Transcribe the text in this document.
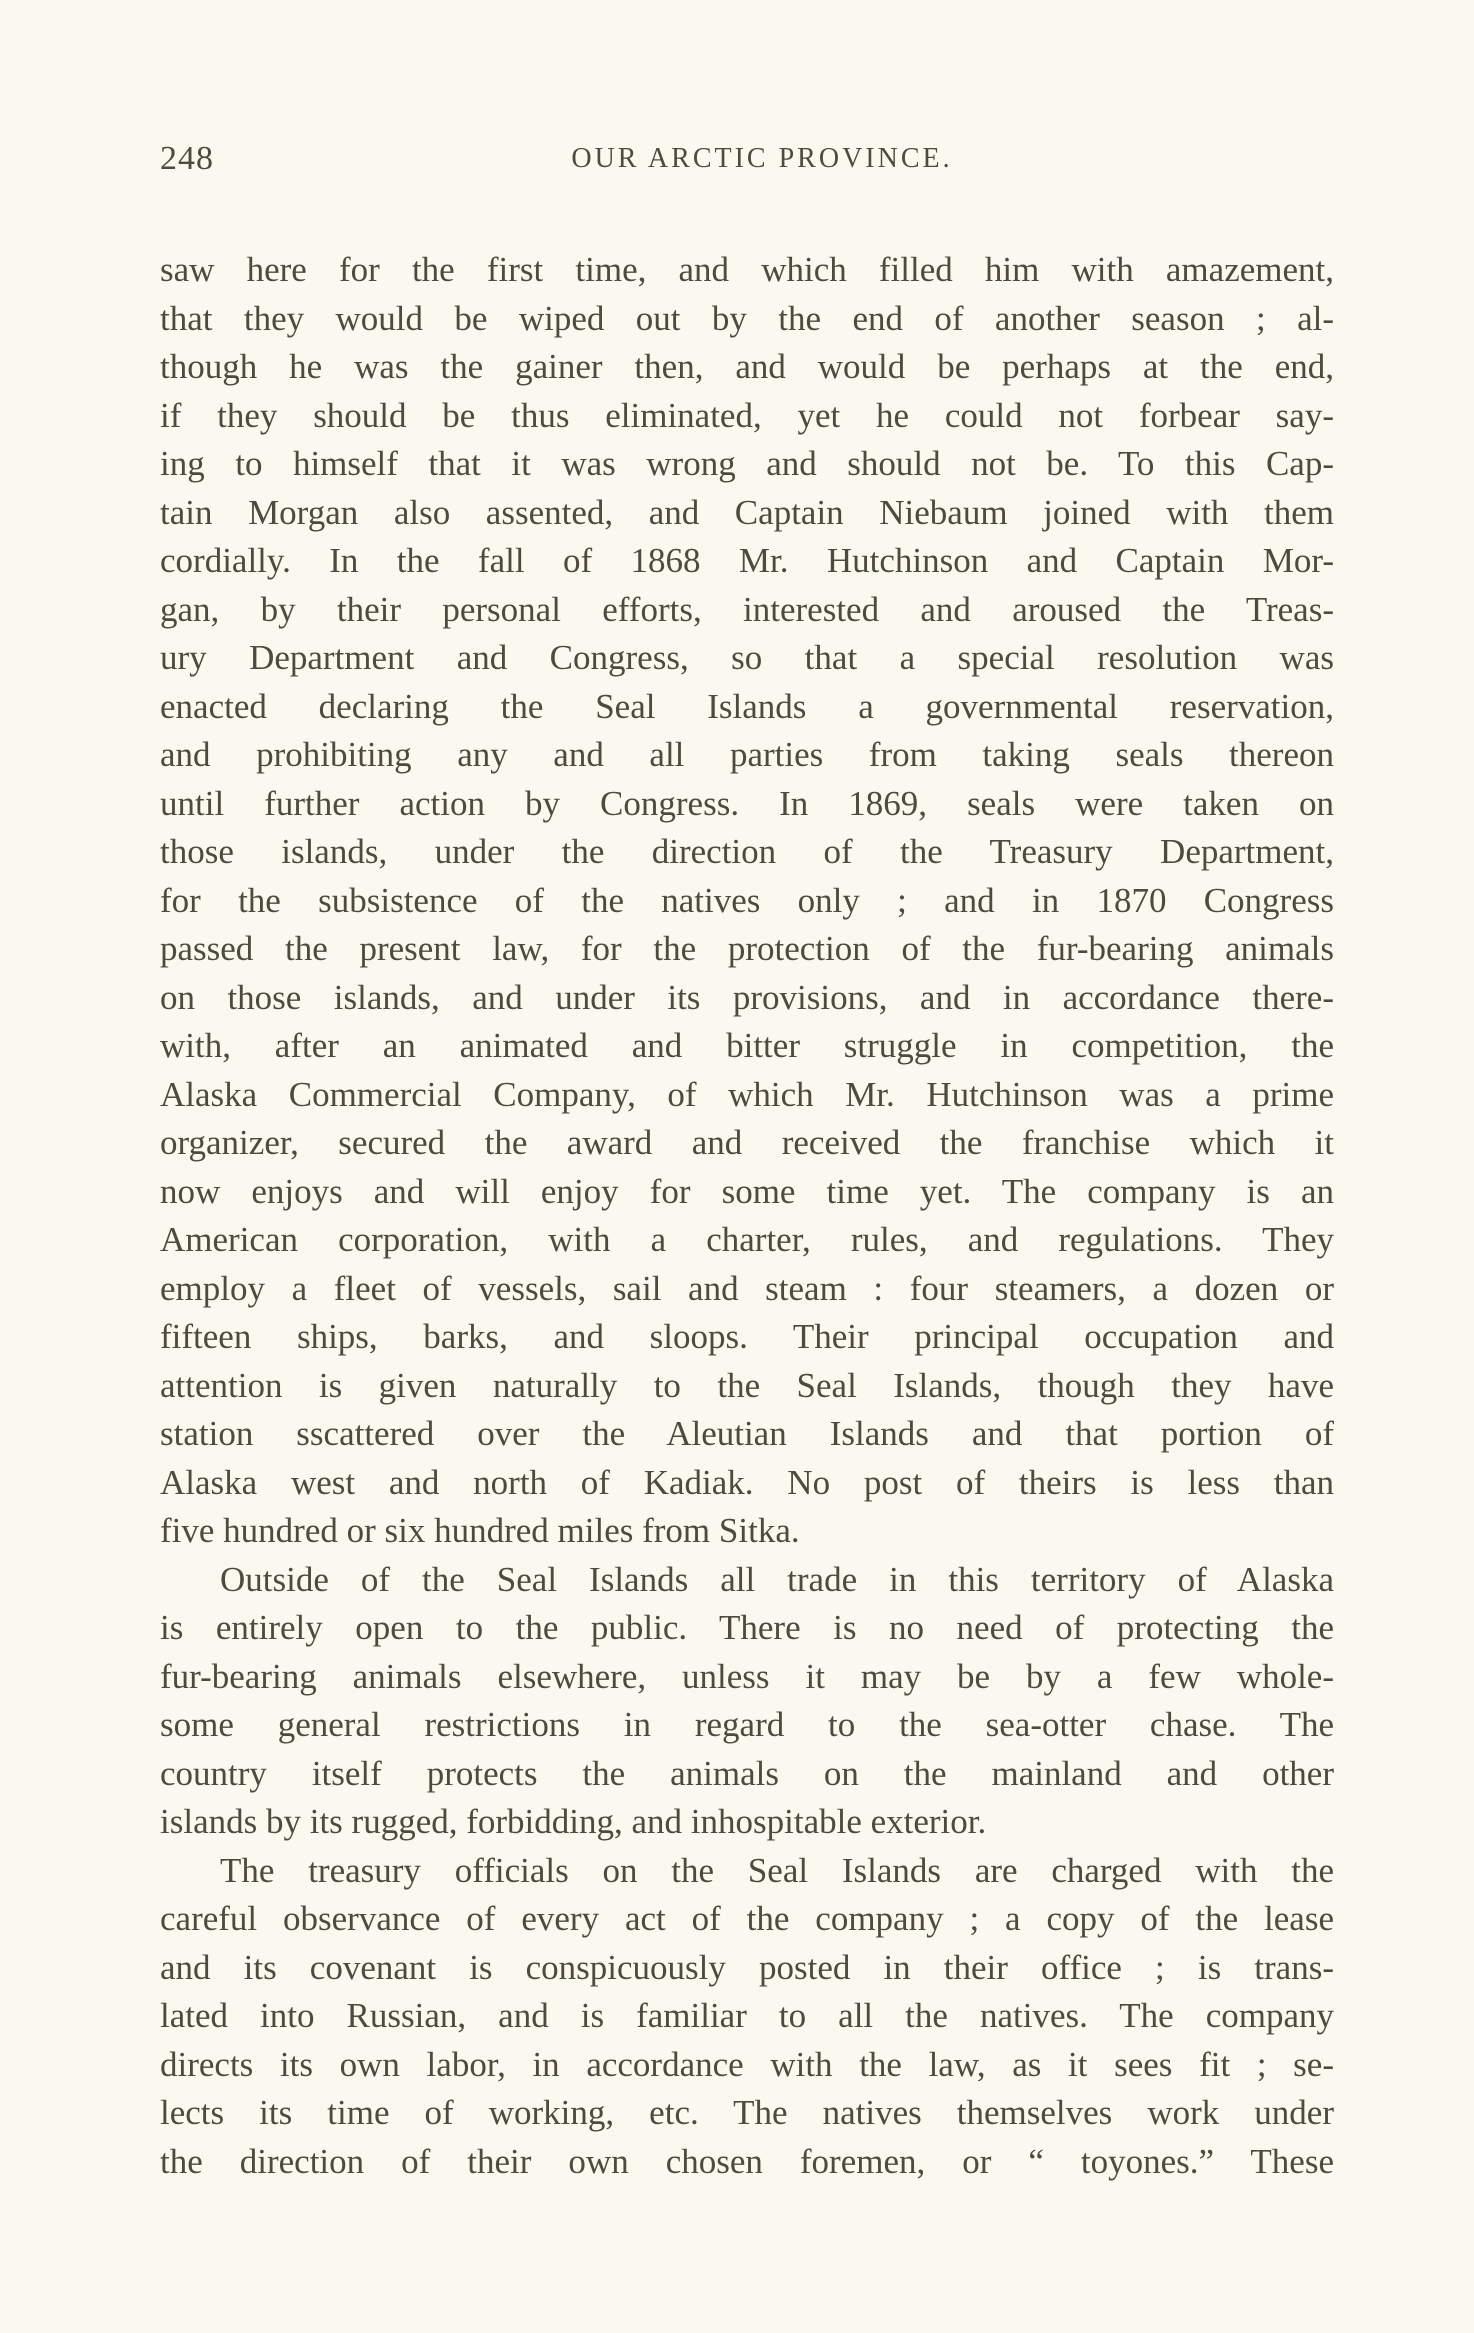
248	OUR ARCTIC PROVINCE.
saw here for the first time, and which filled him with amazement,
that they would be wiped out by the end of another season ; al-
though he was the gainer then, and would be perhaps at the end,
if they should be thus eliminated, yet he could not forbear say-
ing to himself that it was wrong and should not be. To this Cap-
tain Morgan also assented, and Captain Niebaum joined with them
cordially. In the fall of 1868 Mr. Hutchinson and Captain Mor-
gan, by their personal efforts, interested and aroused the Treas-
ury Department and Congress, so that a special resolution was
enacted declaring the Seal Islands a governmental reservation,
and prohibiting any and all parties from taking seals thereon
until further action by Congress. In 1869, seals were taken on
those islands, under the direction of the Treasury Department,
for the subsistence of the natives only ; and in 1870 Congress
passed the present law, for the protection of the fur-bearing animals
on those islands, and under its provisions, and in accordance there-
with, after an animated and bitter struggle in competition, the
Alaska Commercial Company, of which Mr. Hutchinson was a prime
organizer, secured the award and received the franchise which it
now enjoys and will enjoy for some time yet. The company is an
American corporation, with a charter, rules, and regulations. They
employ a fleet of vessels, sail and steam : four steamers, a dozen or
fifteen ships, barks, and sloops. Their principal occupation and
attention is given naturally to the Seal Islands, though they have
station sscattered over the Aleutian Islands and that portion of
Alaska west and north of Kadiak. No post of theirs is less than
five hundred or six hundred miles from Sitka.
Outside of the Seal Islands all trade in this territory of Alaska
is entirely open to the public. There is no need of protecting the
fur-bearing animals elsewhere, unless it may be by a few whole-
some general restrictions in regard to the sea-otter chase. The
country itself protects the animals on the mainland and other
islands by its rugged, forbidding, and inhospitable exterior.
The treasury officials on the Seal Islands are charged with the
careful observance of every act of the company ; a copy of the lease
and its covenant is conspicuously posted in their office ; is trans-
lated into Russian, and is familiar to all the natives. The company
directs its own labor, in accordance with the law, as it sees fit ; se-
lects its time of working, etc. The natives themselves work under
the direction of their own chosen foremen, or “ toyones.” These
